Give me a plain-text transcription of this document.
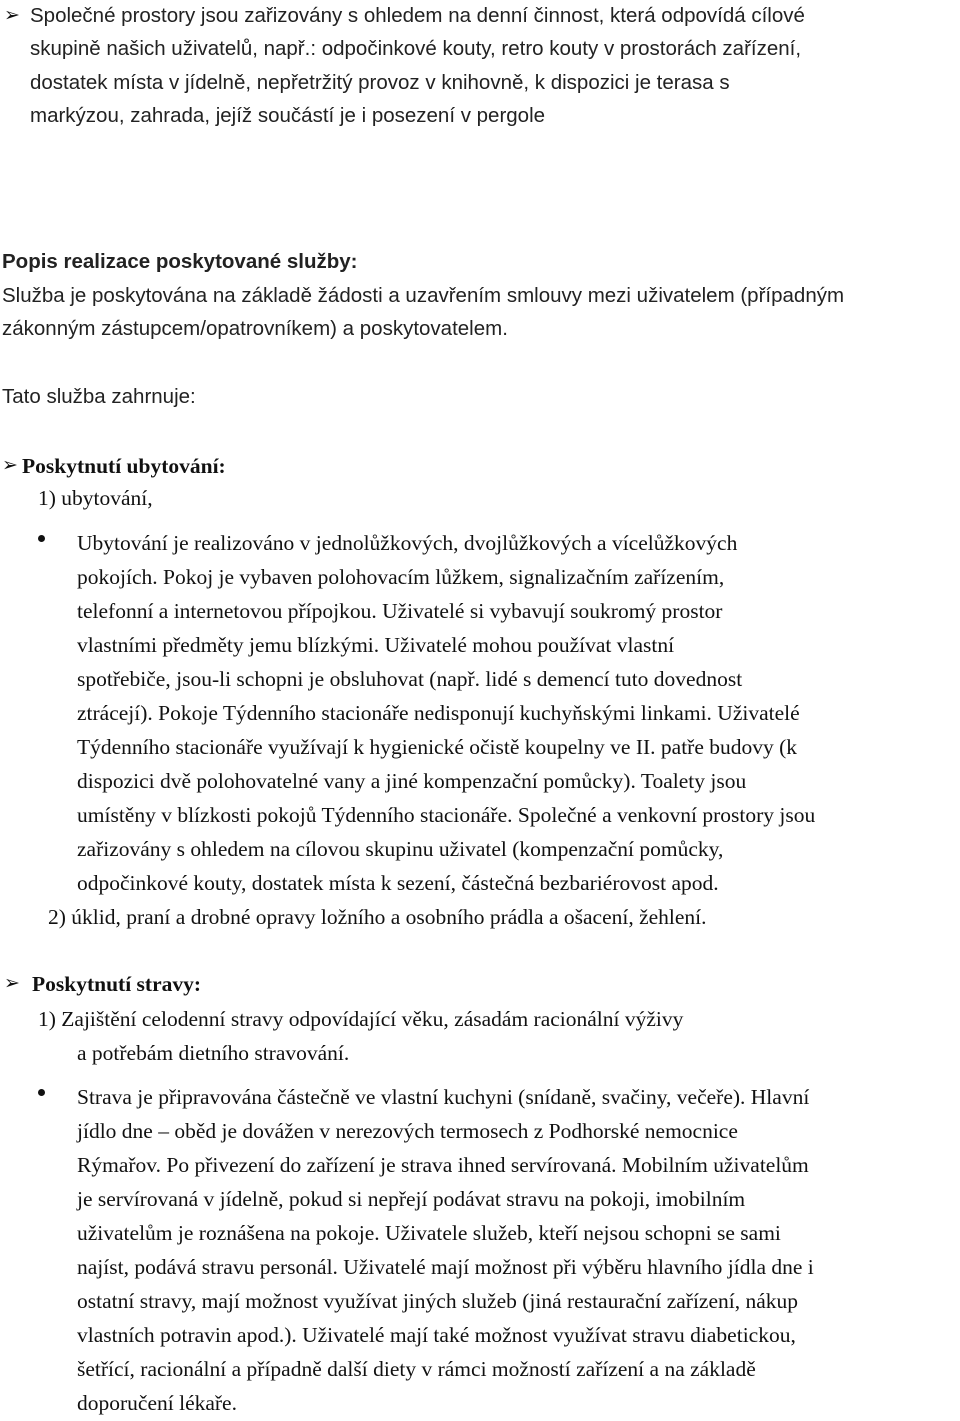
➢ Společné prostory jsou zařizovány s ohledem na denní činnost, která odpovídá cílové
skupině našich uživatelů, např.: odpočinkové kouty, retro kouty v prostorách zařízení,
dostatek místa v jídelně, nepřetržitý provoz v knihovně, k dispozici je terasa s
markýzou, zahrada, jejíž součástí je i posezení v pergole
Popis realizace poskytované služby:
Služba je poskytována na základě žádosti a uzavřením smlouvy mezi uživatelem (případným
zákonným zástupcem/opatrovníkem) a poskytovatelem.
Tato služba zahrnuje:
➢ Poskytnutí ubytování:
1) ubytování,
Ubytování je realizováno v jednolůžkových, dvojlůžkových a vícelůžkových
pokojích. Pokoj je vybaven polohovacím lůžkem, signalizačním zařízením,
telefonní a internetovou přípojkou. Uživatelé si vybavují soukromý prostor
vlastními předměty jemu blízkými. Uživatelé mohou používat vlastní
spotřebiče, jsou-li schopni je obsluhovat (např. lidé s demencí tuto dovednost
ztrácejí). Pokoje Týdenního stacionáře nedisponují kuchyňskými linkami. Uživatelé
Týdenního stacionáře využívají k hygienické očistě koupelny ve II. patře budovy (k
dispozici dvě polohovatelné vany a jiné kompenzační pomůcky). Toalety jsou
umístěny v blízkosti pokojů Týdenního stacionáře. Společné a venkovní prostory jsou
zařizovány s ohledem na cílovou skupinu uživatel (kompenzační pomůcky,
odpočinkové kouty, dostatek místa k sezení, částečná bezbariérovost apod.
2) úklid, praní a drobné opravy ložního a osobního prádla a ošacení, žehlení.
➢ Poskytnutí stravy:
1) Zajištění celodenní stravy odpovídající věku, zásadám racionální výživy
a potřebám dietního stravování.
Strava je připravována částečně ve vlastní kuchyni (snídaně, svačiny, večeře). Hlavní
jídlo dne – oběd je dovážen v nerezových termosech z Podhorské nemocnice
Rýmařov. Po přivezení do zařízení je strava ihned servírovaná. Mobilním uživatelům
je servírovaná v jídelně, pokud si nepřejí podávat stravu na pokoji, imobilním
uživatelům je roznášena na pokoje. Uživatele služeb, kteří nejsou schopni se sami
najíst, podává stravu personál. Uživatelé mají možnost při výběru hlavního jídla dne i
ostatní stravy, mají možnost využívat jiných služeb (jiná restaurační zařízení, nákup
vlastních potravin apod.). Uživatelé mají také možnost využívat stravu diabetickou,
šetřící, racionální a případně další diety v rámci možností zařízení a na základě
doporučení lékaře.
